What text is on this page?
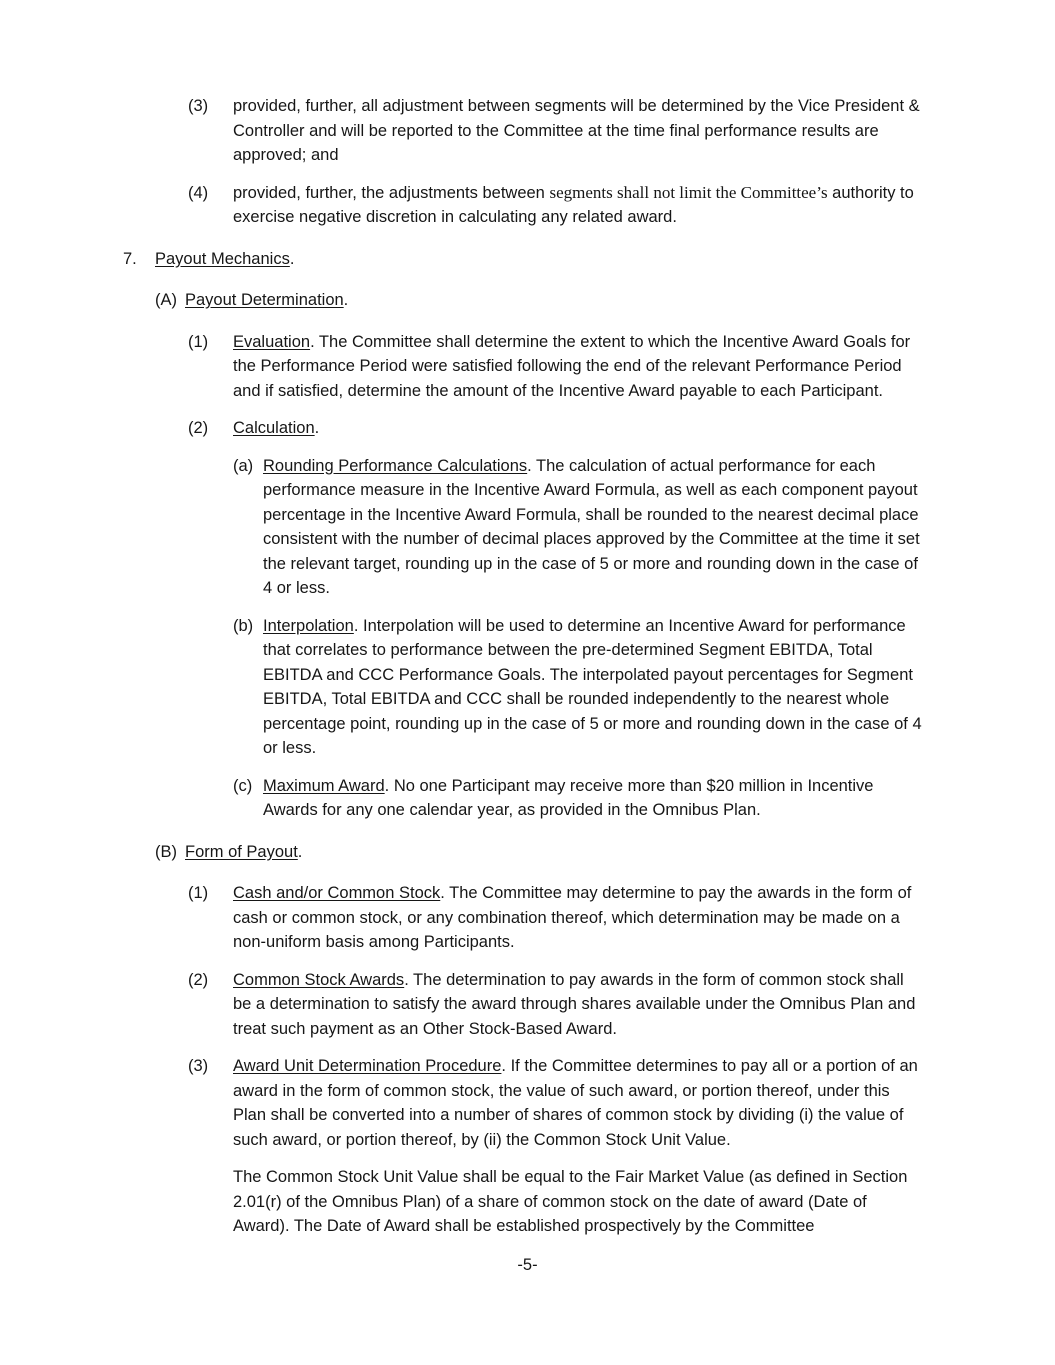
(3)	provided, further, all adjustment between segments will be determined by the Vice President & Controller and will be reported to the Committee at the time final performance results are approved; and
(4)	provided, further, the adjustments between segments shall not limit the Committee’s authority to exercise negative discretion in calculating any related award.
7.	Payout Mechanics.
(A) Payout Determination.
(1)	Evaluation. The Committee shall determine the extent to which the Incentive Award Goals for the Performance Period were satisfied following the end of the relevant Performance Period and if satisfied, determine the amount of the Incentive Award payable to each Participant.
(2)	Calculation.
(a) Rounding Performance Calculations. The calculation of actual performance for each performance measure in the Incentive Award Formula, as well as each component payout percentage in the Incentive Award Formula, shall be rounded to the nearest decimal place consistent with the number of decimal places approved by the Committee at the time it set the relevant target, rounding up in the case of 5 or more and rounding down in the case of 4 or less.
(b) Interpolation. Interpolation will be used to determine an Incentive Award for performance that correlates to performance between the pre-determined Segment EBITDA, Total EBITDA and CCC Performance Goals. The interpolated payout percentages for Segment EBITDA, Total EBITDA and CCC shall be rounded independently to the nearest whole percentage point, rounding up in the case of 5 or more and rounding down in the case of 4 or less.
(c) Maximum Award. No one Participant may receive more than $20 million in Incentive Awards for any one calendar year, as provided in the Omnibus Plan.
(B) Form of Payout.
(1)	Cash and/or Common Stock. The Committee may determine to pay the awards in the form of cash or common stock, or any combination thereof, which determination may be made on a non-uniform basis among Participants.
(2)	Common Stock Awards. The determination to pay awards in the form of common stock shall be a determination to satisfy the award through shares available under the Omnibus Plan and treat such payment as an Other Stock-Based Award.
(3)	Award Unit Determination Procedure. If the Committee determines to pay all or a portion of an award in the form of common stock, the value of such award, or portion thereof, under this Plan shall be converted into a number of shares of common stock by dividing (i) the value of such award, or portion thereof, by (ii) the Common Stock Unit Value.
The Common Stock Unit Value shall be equal to the Fair Market Value (as defined in Section 2.01(r) of the Omnibus Plan) of a share of common stock on the date of award (Date of Award). The Date of Award shall be established prospectively by the Committee
-5-
